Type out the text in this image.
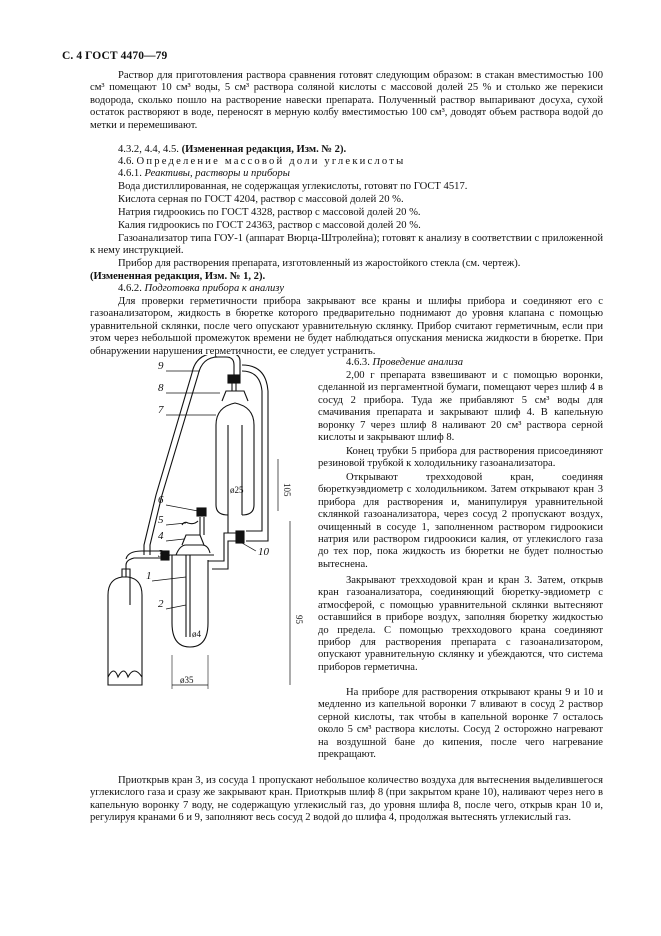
С. 4 ГОСТ 4470—79

Раствор для приготовления раствора сравнения готовят следующим образом: в стакан вместимостью 100 см³ помещают 10 см³ воды, 5 см³ раствора соляной кислоты с массовой долей 25 % и столько же перекиси водорода, сколько пошло на растворение навески препарата. Полученный раствор выпаривают досуха, сухой остаток растворяют в воде, переносят в мерную колбу вместимостью 100 см³, доводят объем раствора водой до метки и перемешивают.

4.3.2, 4.4, 4.5. (Измененная редакция, Изм. № 2).

4.6. Определение массовой доли углекислоты

4.6.1. Реактивы, растворы и приборы

Вода дистиллированная, не содержащая углекислоты, готовят по ГОСТ 4517.

Кислота серная по ГОСТ 4204, раствор с массовой долей 20 %.

Натрия гидроокись по ГОСТ 4328, раствор с массовой долей 20 %.

Калия гидроокись по ГОСТ 24363, раствор с массовой долей 20 %.

Газоанализатор типа ГОУ-1 (аппарат Вюрца-Штролейна); готовят к анализу в соответствии с приложенной к нему инструкцией.

Прибор для растворения препарата, изготовленный из жаростойкого стекла (см. чертеж).

(Измененная редакция, Изм. № 1, 2).

4.6.2. Подготовка прибора к анализу

Для проверки герметичности прибора закрывают все краны и шлифы прибора и соединяют его с газоанализатором, жидкость в бюретке которого предварительно поднимают до уровня клапана с помощью уравнительной склянки, после чего опускают уравнительную склянку. Прибор считают герметичным, если при этом через небольшой промежуток времени не будет наблюдаться опускания мениска жидкости в бюретке. При обнаружении нарушения герметичности, ее следует устранить.

4.6.3. Проведение анализа

2,00 г препарата взвешивают и с помощью воронки, сделанной из пергаментной бумаги, помещают через шлиф 4 в сосуд 2 прибора. Туда же прибавляют 5 см³ воды для смачивания препарата и закрывают шлиф 4. В капельную воронку 7 через шлиф 8 наливают 20 см³ раствора серной кислоты и закрывают шлиф 8.

Конец трубки 5 прибора для растворения присоединяют резиновой трубкой к холодильнику газоанализатора.

Открывают трехходовой кран, соединяя бюреткуэвдиометр с холодильником. Затем открывают кран 3 прибора для растворения и, манипулируя уравнительной склянкой газоанализатора, через сосуд 2 пропускают воздух, очищенный в сосуде 1, заполненном раствором гидроокиси натрия или раствором гидроокиси калия, от углекислого газа до тех пор, пока жидкость из бюретки не будет полностью вытеснена.

Закрывают трехходовой кран и кран 3. Затем, открыв кран газоанализатора, соединяющий бюретку-эвдиометр с атмосферой, с помощью уравнительной склянки вытесняют оставшийся в приборе воздух, заполняя бюретку жидкостью до предела. С помощью трехходового крана соединяют прибор для растворения препарата с газоанализатором, опускают уравнительную склянку и убеждаются, что система приборов герметична.

На приборе для растворения открывают краны 9 и 10 и медленно из капельной воронки 7 вливают в сосуд 2 раствор серной кислоты, так чтобы в капельной воронке 7 осталось около 5 см³ раствора кислоты. Сосуд 2 осторожно нагревают на воздушной бане до кипения, после чего нагревание прекращают.

Приоткрыв кран 3, из сосуда 1 пропускают небольшое количество воздуха для вытеснения выделившегося углекислого газа и сразу же закрывают кран. Приоткрыв шлиф 8 (при закрытом кране 10), наливают через него в капельную воронку 7 воду, не содержащую углекислый газ, до уровня шлифа 8, после чего, открыв кран 10 и, регулируя кранами 6 и 9, заполняют весь сосуд 2 водой до шлифа 4, продолжая вытеснять углекислый газ.

9
8
7
6
5
4
3
2
1
10
ø25	105
95
ø4
ø35
